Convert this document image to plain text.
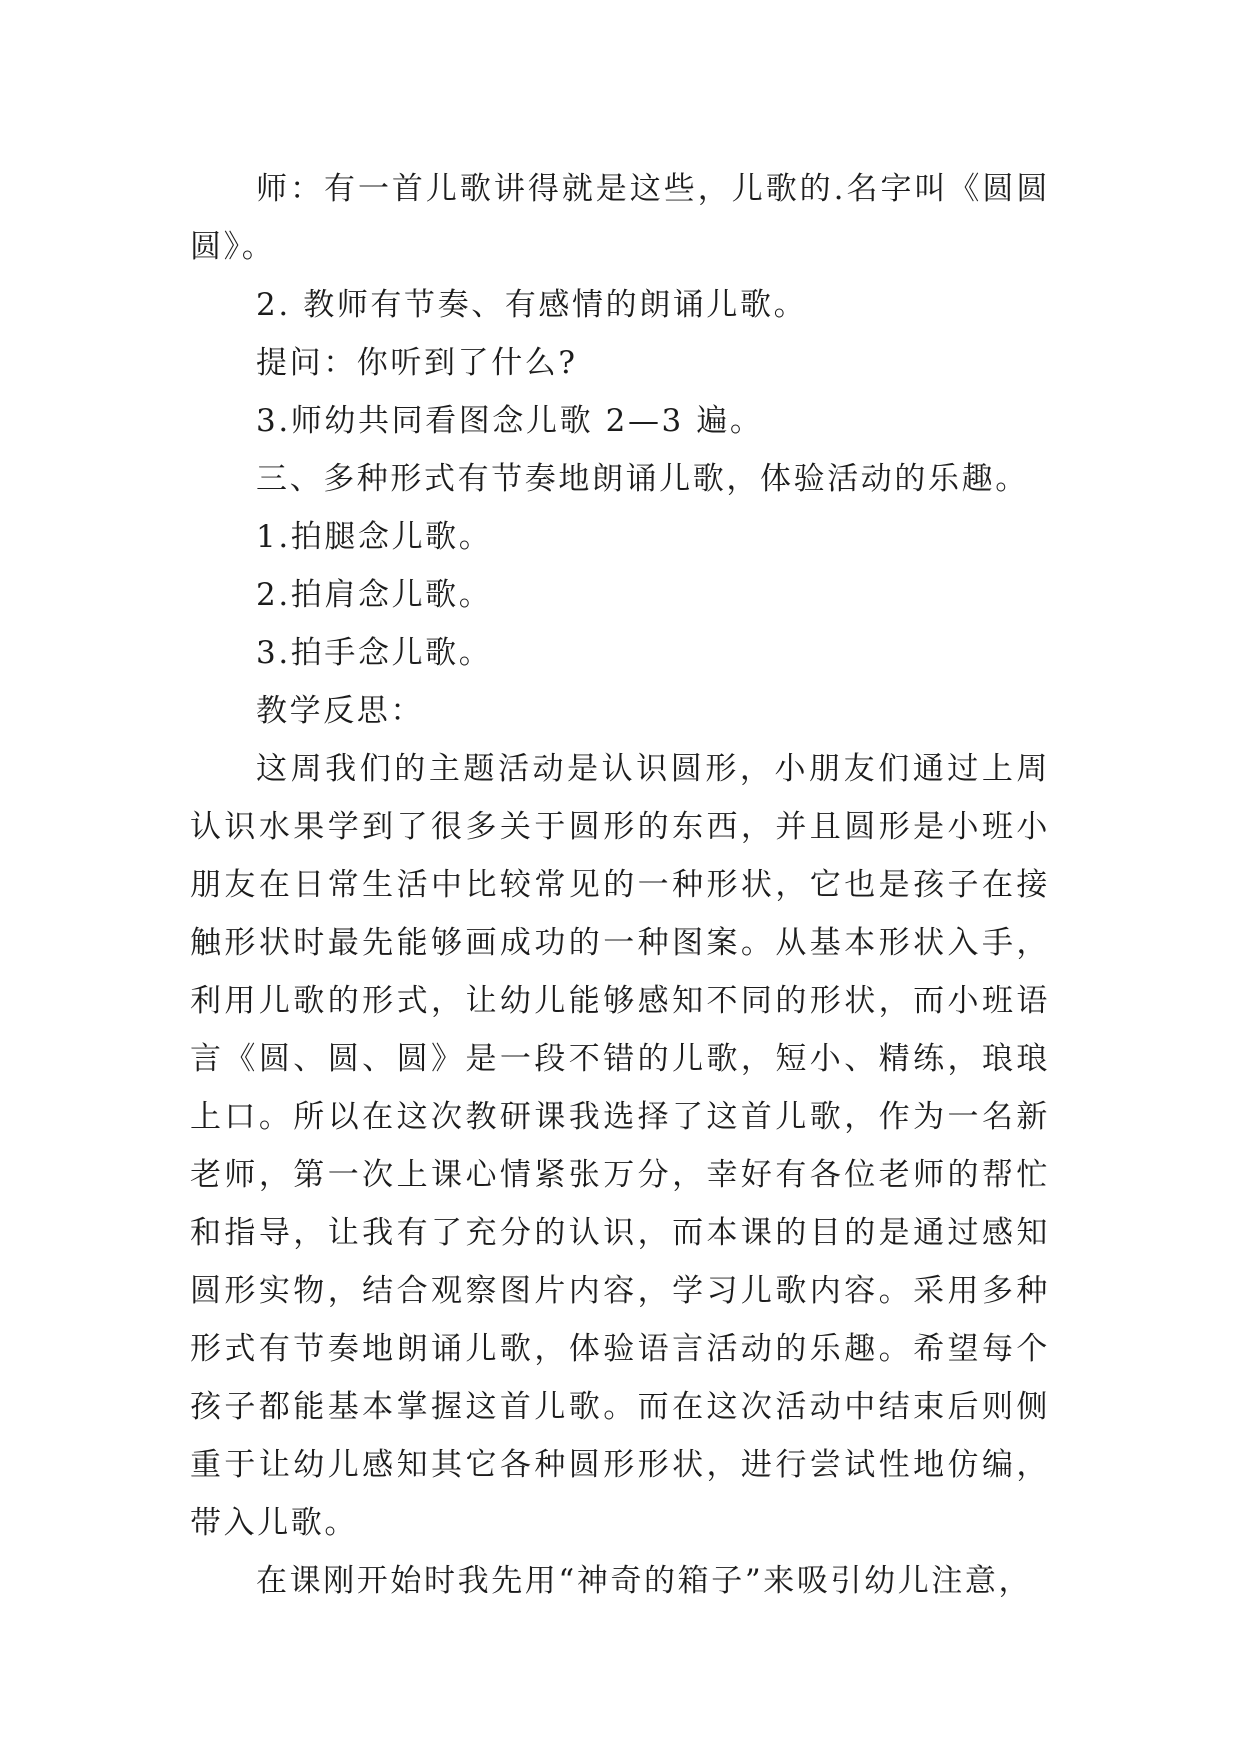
师：有一首儿歌讲得就是这些，儿歌的.名字叫《圆圆圆》。

2. 教师有节奏、有感情的朗诵儿歌。

提问：你听到了什么?

3.师幼共同看图念儿歌 2—3 遍。

三、多种形式有节奏地朗诵儿歌，体验活动的乐趣。

1.拍腿念儿歌。

2.拍肩念儿歌。

3.拍手念儿歌。

教学反思：

这周我们的主题活动是认识圆形，小朋友们通过上周认识水果学到了很多关于圆形的东西，并且圆形是小班小朋友在日常生活中比较常见的一种形状，它也是孩子在接触形状时最先能够画成功的一种图案。从基本形状入手，利用儿歌的形式，让幼儿能够感知不同的形状，而小班语言《圆、圆、圆》是一段不错的儿歌，短小、精练，琅琅上口。所以在这次教研课我选择了这首儿歌，作为一名新老师，第一次上课心情紧张万分，幸好有各位老师的帮忙和指导，让我有了充分的认识，而本课的目的是通过感知圆形实物，结合观察图片内容，学习儿歌内容。采用多种形式有节奏地朗诵儿歌，体验语言活动的乐趣。希望每个孩子都能基本掌握这首儿歌。而在这次活动中结束后则侧重于让幼儿感知其它各种圆形形状，进行尝试性地仿编，带入儿歌。

在课刚开始时我先用“神奇的箱子”来吸引幼儿注意，
